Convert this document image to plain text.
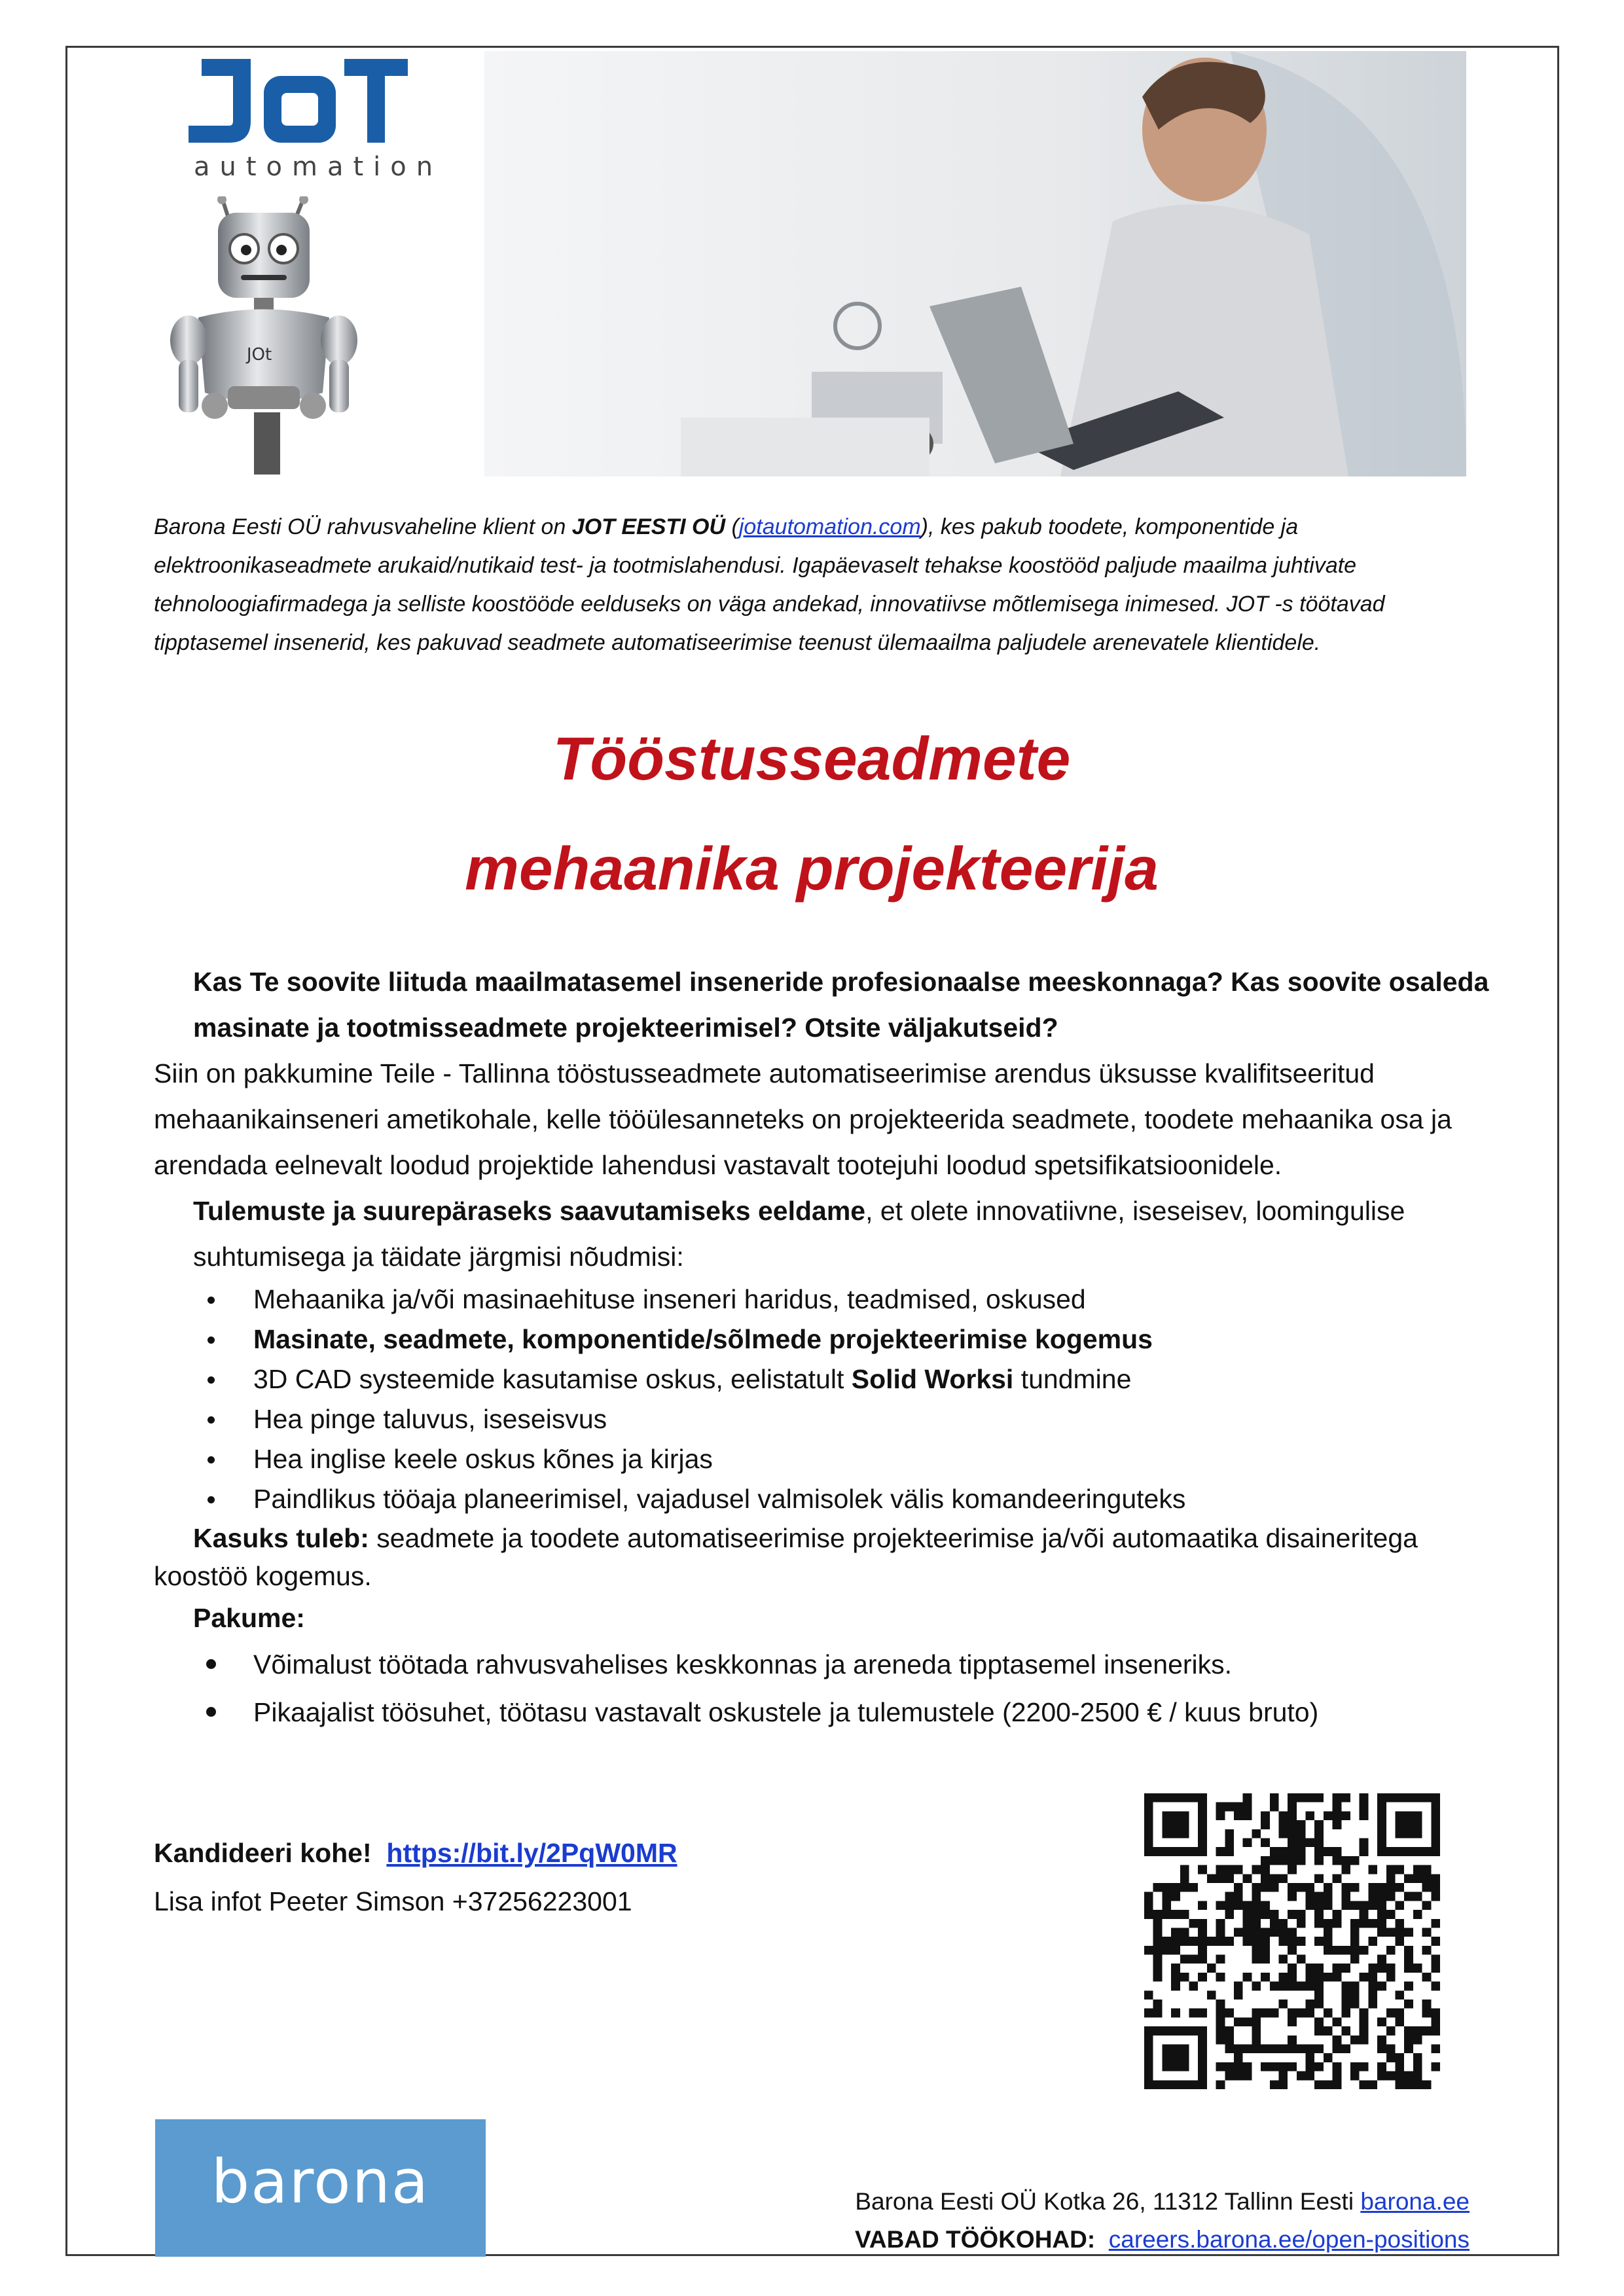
automation
JOt
Barona Eesti OÜ rahvusvaheline klient on JOT EESTI OÜ (jotautomation.com), kes pakub toodete, komponentide ja elektroonikaseadmete arukaid/nutikaid test- ja tootmislahendusi. Igapäevaselt tehakse koostööd paljude maailma juhtivate tehnoloogiafirmadega ja selliste koostööde eelduseks on väga andekad, innovatiivse mõtlemisega inimesed. JOT -s töötavad tipptasemel insenerid, kes pakuvad seadmete automatiseerimise teenust ülemaailma paljudele arenevatele klientidele.
Tööstusseadmete
mehaanika projekteerija

Kas Te soovite liituda maailmatasemel inseneride profesionaalse meeskonnaga? Kas soovite osaleda masinate ja tootmisseadmete projekteerimisel? Otsite väljakutseid?

Siin on pakkumine Teile - Tallinna tööstusseadmete automatiseerimise arendus üksusse kvalifitseeritud mehaanikainseneri ametikohale, kelle tööülesanneteks on projekteerida seadmete, toodete mehaanika osa ja arendada eelnevalt loodud projektide lahendusi vastavalt tootejuhi loodud spetsifikatsioonidele.

Tulemuste ja suurepäraseks saavutamiseks eeldame, et olete innovatiivne, iseseisev, loomingulise suhtumisega ja täidate järgmisi nõudmisi:

Mehaanika ja/või masinaehituse inseneri haridus, teadmised, oskused
Masinate, seadmete, komponentide/sõlmede projekteerimise kogemus
3D CAD systeemide kasutamise oskus, eelistatult Solid Worksi tundmine
Hea pinge taluvus, iseseisvus
Hea inglise keele oskus kõnes ja kirjas
Paindlikus tööaja planeerimisel, vajadusel valmisolek välis komandeeringuteks

Kasuks tuleb: seadmete ja toodete automatiseerimise projekteerimise ja/või automaatika disaineritega koostöö kogemus.

Pakume:

Võimalust töötada rahvusvahelises keskkonnas ja areneda tipptasemel inseneriks.
Pikaajalist töösuhet, töötasu vastavalt oskustele ja tulemustele (2200-2500 € / kuus bruto)
Kandideeri kohe! https://bit.ly/2PqW0MR
Lisa infot Peeter Simson +37256223001
barona	Barona Eesti OÜ Kotka 26, 11312 Tallinn Eesti barona.ee
VABAD TÖÖKOHAD: careers.barona.ee/open-positions
